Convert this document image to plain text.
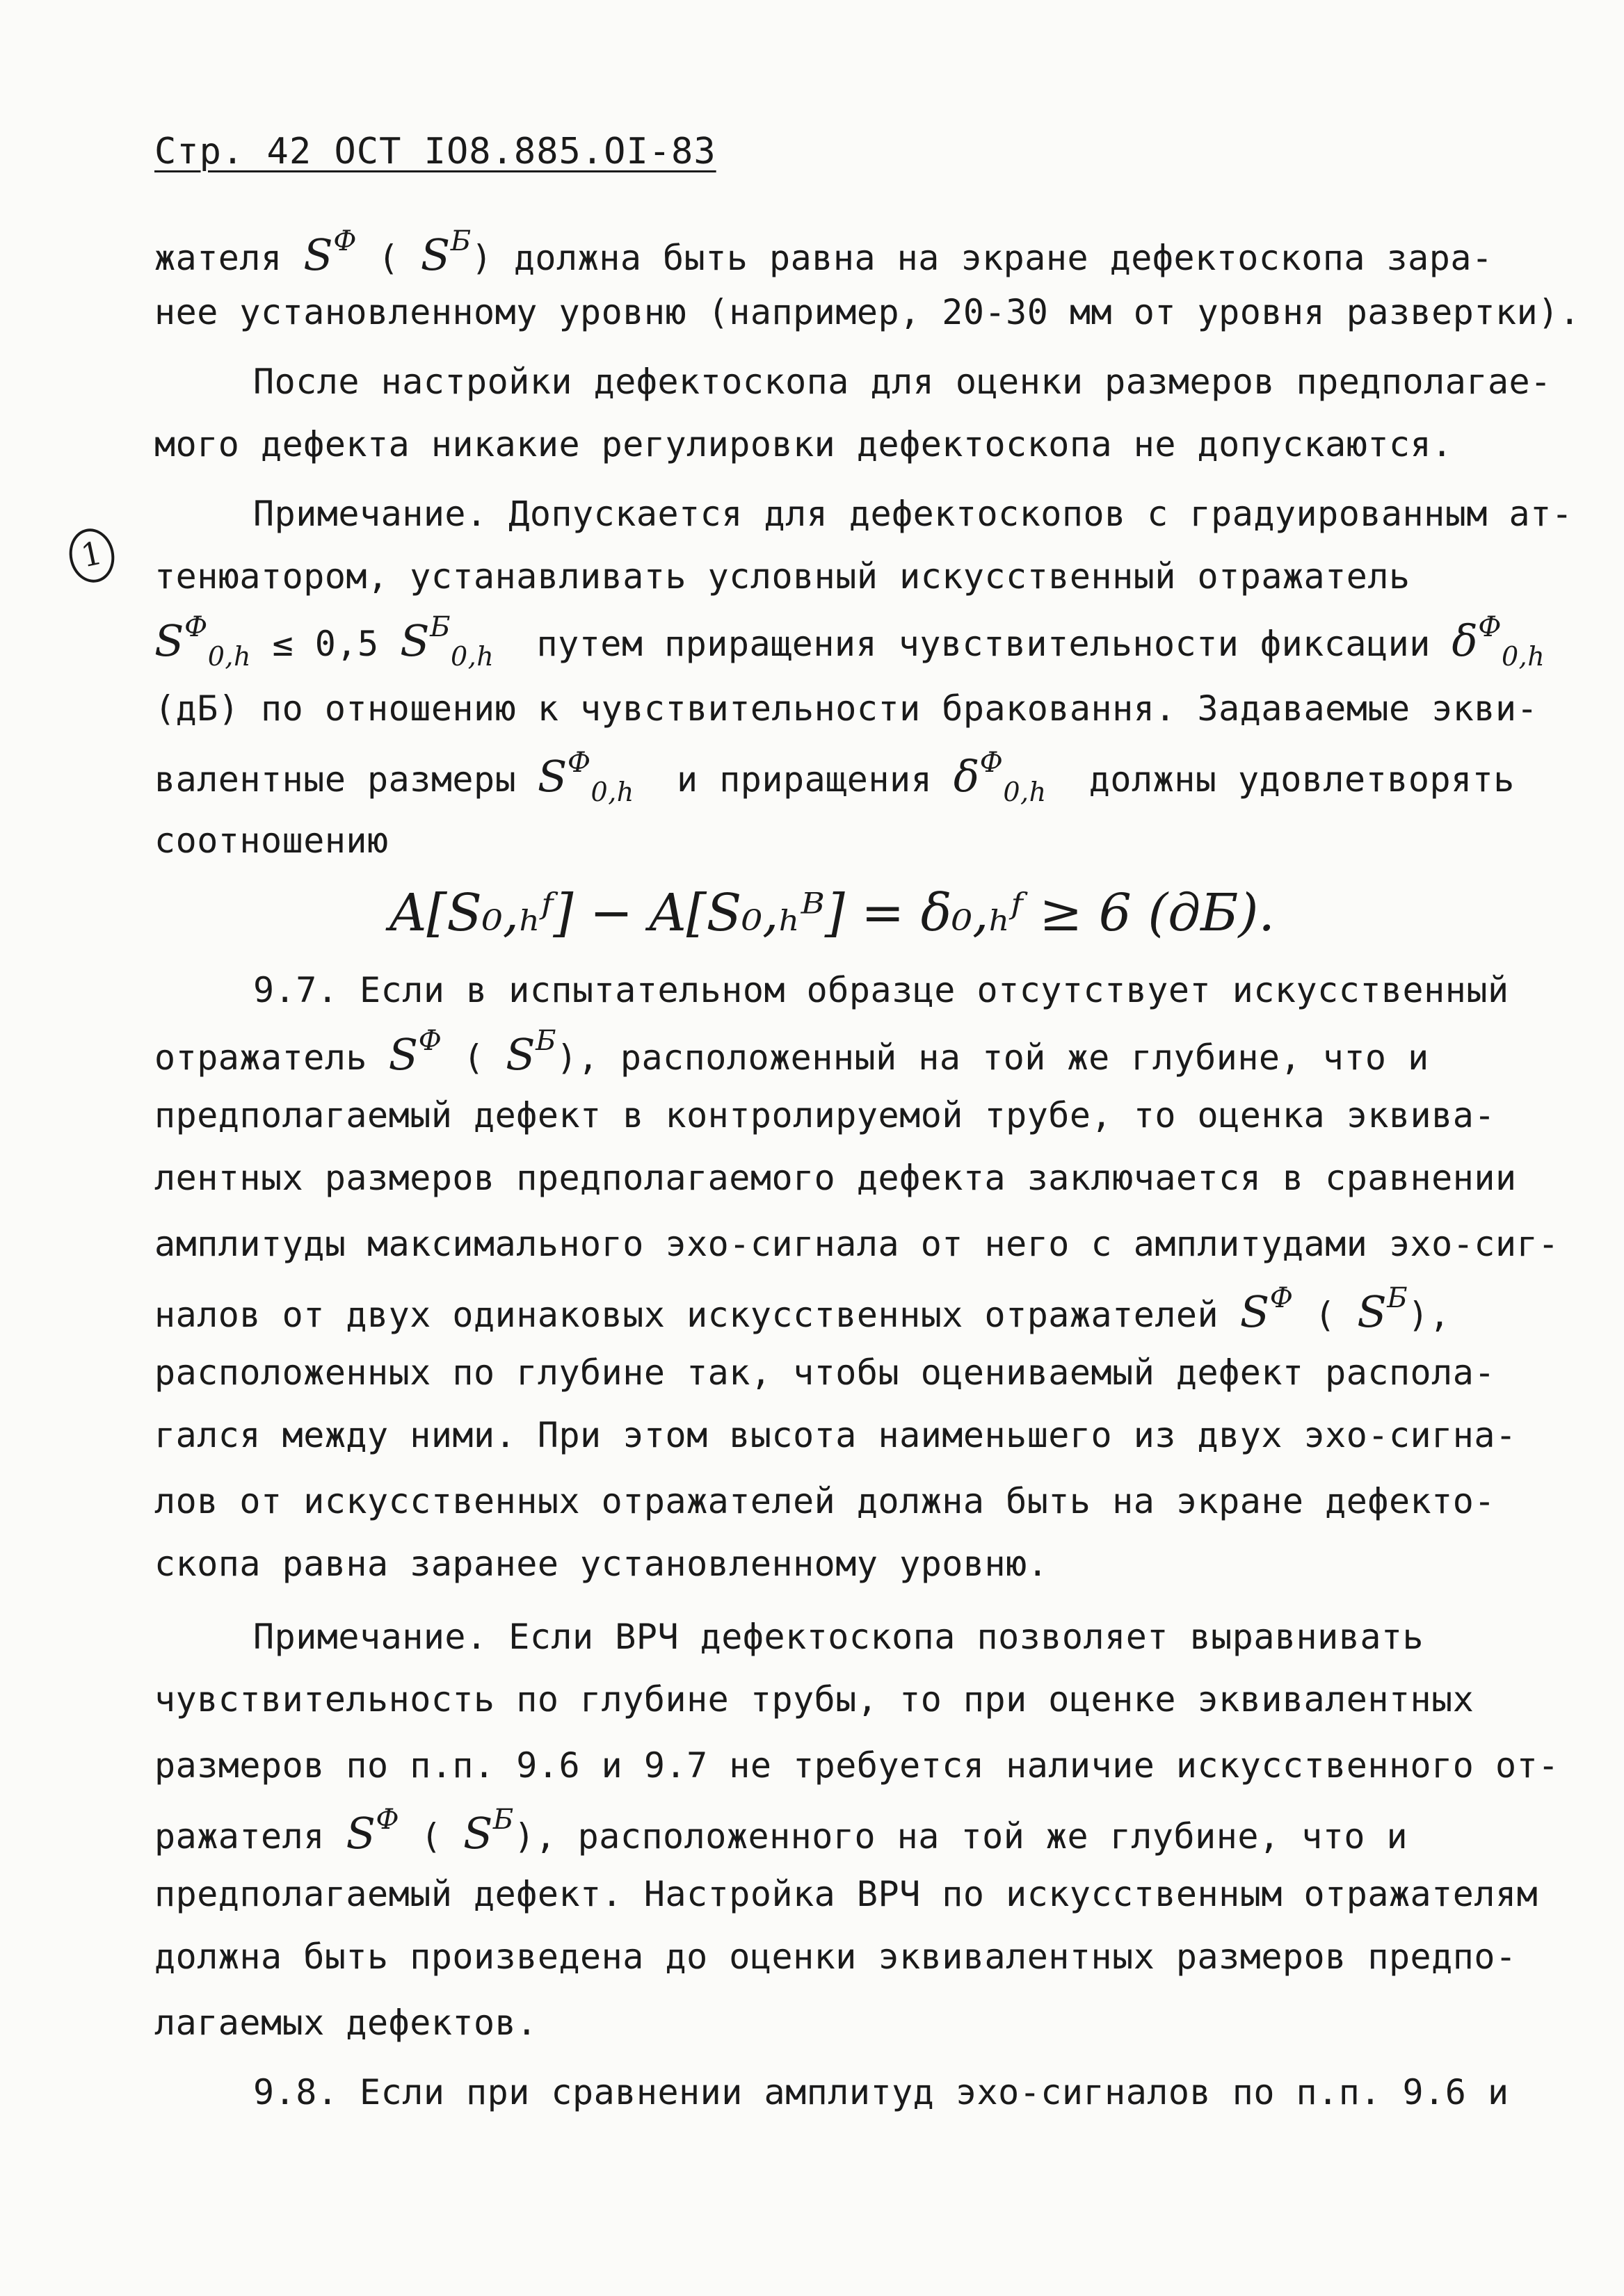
Стр. 42 ОСТ IO8.885.OI-83
1
жателя $S^Ф$ ( $S^Б$) должна быть равна на экране дефектоскопа зара-
нее установленному уровню (например, 20-30 мм от уровня развертки).
После настройки дефектоскопа для оценки размеров предполагае-
мого дефекта никакие регулировки дефектоскопа не допускаются.
Примечание. Допускается для дефектоскопов с градуированным ат-
тенюатором, устанавливать условный искусственный отражатель
$S^Ф_{0,h} \le 0,5$ $S^Б_{0,h}$  путем приращения чувствительности фиксации $\delta^Ф_{0,h}$
(дБ) по отношению к чувствительности браковання. Задаваемые экви-
валентные размеры $S^Ф_{0,h}$  и приращения $\delta^Ф_{0,h}$  должны удовлетворять
соотношению
A[S₀,ₕᶠ] − A[S₀,ₕᴮ] = δ₀,ₕᶠ ≥ 6 (дБ).
9.7. Если в испытательном образце отсутствует искусственный
отражатель $S^Ф$ ( $S^Б$), расположенный на той же глубине, что и
предполагаемый дефект в контролируемой трубе, то оценка эквива-
лентных размеров предполагаемого дефекта заключается в сравнении
амплитуды максимального эхо-сигнала от него с амплитудами эхо-сиг-
налов от двух одинаковых искусственных отражателей $S^Ф$ ( $S^Б$),
расположенных по глубине так, чтобы оцениваемый дефект распола-
гался между ними. При этом высота наименьшего из двух эхо-сигна-
лов от искусственных отражателей должна быть на экране дефекто-
скопа равна заранее установленному уровню.
Примечание. Если ВРЧ дефектоскопа позволяет выравнивать
чувствительность по глубине трубы, то при оценке эквивалентных
размеров по п.п. 9.6 и 9.7 не требуется наличие искусственного от-
ражателя $S^Ф$ ( $S^Б$), расположенного на той же глубине, что и
предполагаемый дефект. Настройка ВРЧ по искусственным отражателям
должна быть произведена до оценки эквивалентных размеров предпо-
лагаемых дефектов.
9.8. Если при сравнении амплитуд эхо-сигналов по п.п. 9.6 и
